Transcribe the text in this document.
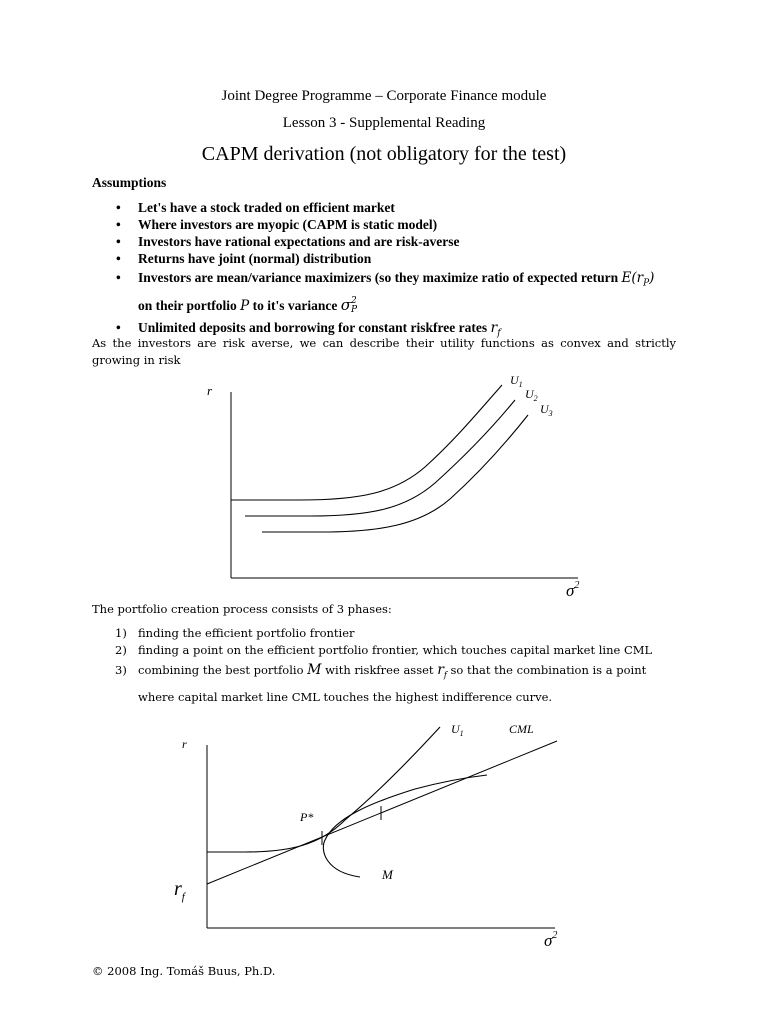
Joint Degree Programme – Corporate Finance module
Lesson 3 - Supplemental Reading
CAPM derivation (not obligatory for the test)
Assumptions
• Let's have a stock traded on efficient market
• Where investors are myopic (CAPM is static model)
• Investors have rational expectations and are risk-averse
• Returns have joint (normal) distribution
• Investors are mean/variance maximizers (so they maximize ratio of expected return $E(r_P)$
on their portfolio P to it's variance σ 2
P
• Unlimited deposits and borrowing for constant riskfree rates $r_f$
As the investors are risk averse, we can describe their utility functions as convex and strictly growing in risk
r
$\sigma^2$
$U_1$
$U_2$
$U_3$
The portfolio creation process consists of 3 phases:
1) finding the efficient portfolio frontier
2) finding a point on the efficient portfolio frontier, which touches capital market line CML
3) combining the best portfolio M with riskfree asset $r_f$ so that the combination is a point
where capital market line CML touches the highest indifference curve.
r
$\sigma^2$
$U_1$	CML
P*
M
$r_f$
© 2008 Ing. Tomáš Buus, Ph.D.
